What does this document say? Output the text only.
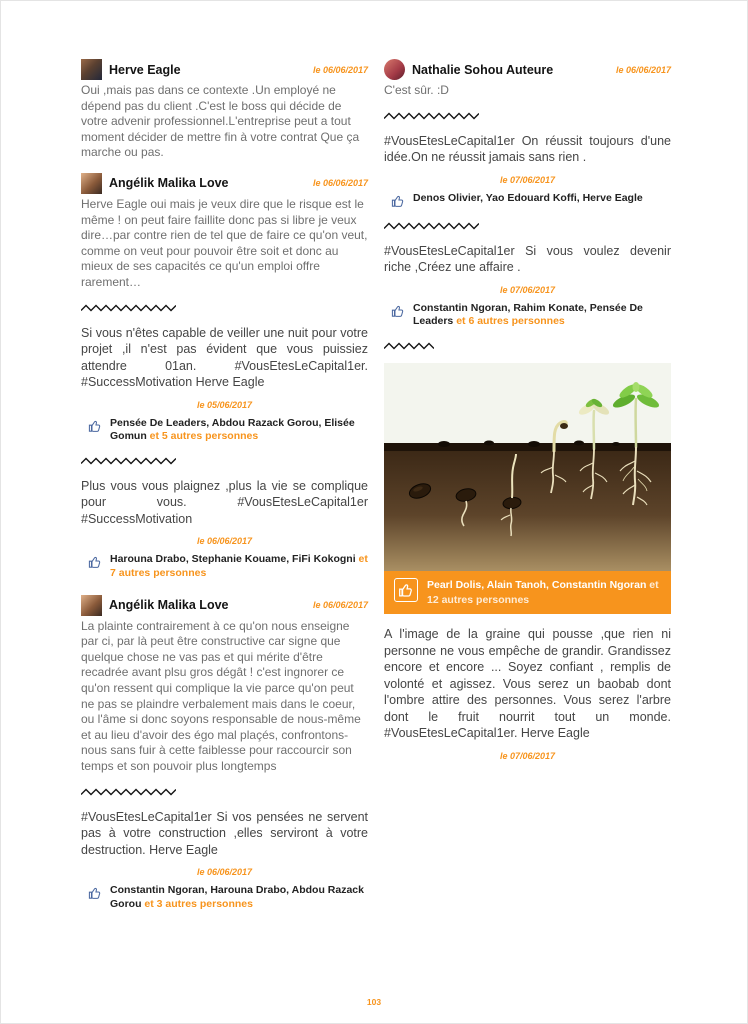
Herve Eagle	le 06/06/2017
Oui ,mais pas dans ce contexte .Un employé ne dépend pas du client .C'est le boss qui décide de votre advenir professionnel.L'entreprise peut a tout moment décider de mettre fin à votre contrat Que ça marche ou pas.
Angélik Malika Love	le 06/06/2017
Herve Eagle oui mais je veux dire que le risque est le même ! on peut faire faillite donc pas si libre je veux dire…par contre rien de tel que de faire ce qu'on veut, comme on veut pour pouvoir être soit et donc au mieux de ses capacités ce qu'un emploi offre rarement…
Si vous n'êtes capable de veiller une nuit pour votre projet ,il n'est pas évident que vous puissiez attendre 01an. #VousEtesLeCapital1er. #SuccessMotivation Herve Eagle
le 05/06/2017
Pensée De Leaders, Abdou Razack Gorou, Elisée Gomun et 5 autres personnes
Plus vous vous plaignez ,plus la vie se complique pour vous. #VousEtesLeCapital1er #SuccessMotivation
le 06/06/2017
Harouna Drabo, Stephanie Kouame, FiFi Kokogni et 7 autres personnes
Angélik Malika Love	le 06/06/2017
La plainte contrairement à ce qu'on nous enseigne par ci, par là peut être constructive car signe que quelque chose ne vas pas et qui mérite d'être recadrée avant plsu gros dégât ! c'est ingnorer ce qu'on ressent qui complique la vie parce qu'on peut ne pas se plaindre verbalement mais dans le coeur, ou l'âme si donc soyons responsable de nous-même et au lieu d'avoir des égo mal plaçés, confrontons-nous sans fuir à cette faiblesse pour raccourcir son temps et son pouvoir plus longtemps
#VousEtesLeCapital1er Si vos pensées ne servent pas à votre construction ,elles serviront à votre destruction. Herve Eagle
le 06/06/2017
Constantin Ngoran, Harouna Drabo, Abdou Razack Gorou et 3 autres personnes
Nathalie Sohou Auteure	le 06/06/2017
C'est sûr. :D
#VousEtesLeCapital1er On réussit toujours d'une idée.On ne réussit jamais sans rien .
le 07/06/2017
Denos Olivier, Yao Edouard Koffi, Herve Eagle
#VousEtesLeCapital1er Si vous voulez devenir riche ,Créez une affaire .
le 07/06/2017
Constantin Ngoran, Rahim Konate, Pensée De Leaders et 6 autres personnes
Pearl Dolis, Alain Tanoh, Constantin Ngoran et 12 autres personnes
A l'image de la graine qui pousse ,que rien ni personne ne vous empêche de grandir. Grandissez encore et encore ... Soyez confiant , remplis de volonté et agissez. Vous serez un baobab dont l'ombre attire des personnes. Vous serez l'arbre dont le fruit nourrit tout un monde. #VousEtesLeCapital1er. Herve Eagle
le 07/06/2017
103
